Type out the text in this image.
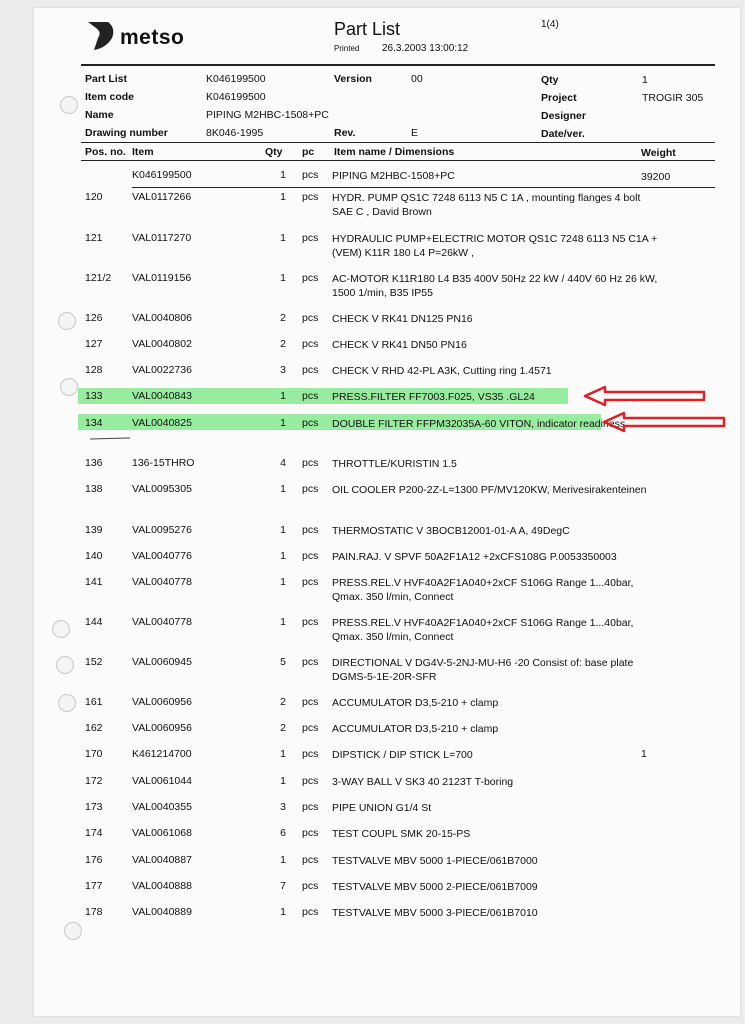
metso	Part List	1(4)
Printed 26.3.2003 13:00:12
Part List	K046199500	Version	00	Qty	1
Item code	K046199500	Project	TROGIR 305
Name	PIPING M2HBC-1508+PC	Designer
Drawing number	8K046-1995	Rev.	E	Date/ver.
Pos. no. Item	Qty pc Item name / Dimensions	Weight
K046199500	1 pcs PIPING M2HBC-1508+PC	39200
120	VAL0117266	1 pcs HYDR. PUMP QS1C 7248 6113 N5 C 1A , mounting flanges 4 bolt SAE C , David Brown
121	VAL0117270	1 pcs HYDRAULIC PUMP+ELECTRIC MOTOR QS1C 7248 6113 N5 C1A + (VEM) K11R 180 L4 P=26kW ,
121/2 VAL0119156	1 pcs AC-MOTOR K11R180 L4 B35 400V 50Hz 22 kW / 440V 60 Hz 26 kW, 1500 1/min, B35 IP55
126	VAL0040806	2 pcs CHECK V RK41 DN125 PN16
127	VAL0040802	2 pcs CHECK V RK41 DN50 PN16
128	VAL0022736	3 pcs CHECK V RHD 42-PL A3K, Cutting ring 1.4571
133	VAL0040843	1 pcs PRESS.FILTER FF7003.F025, VS35 .GL24
134	VAL0040825	1 pcs DOUBLE FILTER FFPM32035A-60 VITON, indicator readiness
136	136-15THRO	4 pcs THROTTLE/KURISTIN 1.5
138	VAL0095305	1 pcs OIL COOLER P200-2Z-L=1300 PF/MV120KW, Merivesirakenteinen
139	VAL0095276	1 pcs THERMOSTATIC V 3BOCB12001-01-A A, 49DegC
140	VAL0040776	1 pcs PAIN.RAJ. V SPVF 50A2F1A12 +2xCFS108G P.0053350003
141	VAL0040778	1 pcs PRESS.REL.V HVF40A2F1A040+2xCF S106G Range 1...40bar, Qmax. 350 l/min, Connect
144	VAL0040778	1 pcs PRESS.REL.V HVF40A2F1A040+2xCF S106G Range 1...40bar, Qmax. 350 l/min, Connect
152	VAL0060945	5 pcs DIRECTIONAL V DG4V-5-2NJ-MU-H6 -20 Consist of: base plate DGMS-5-1E-20R-SFR
161	VAL0060956	2 pcs ACCUMULATOR D3,5-210 + clamp
162	VAL0060956	2 pcs ACCUMULATOR D3,5-210 + clamp
170	K461214700	1 pcs DIPSTICK / DIP STICK L=700	1
172	VAL0061044	1 pcs 3-WAY BALL V SK3 40 2123T T-boring
173	VAL0040355	3 pcs PIPE UNION G1/4 St
174	VAL0061068	6 pcs TEST COUPL SMK 20-15-PS
176	VAL0040887	1 pcs TESTVALVE MBV 5000 1-PIECE/061B7000
177	VAL0040888	7 pcs TESTVALVE MBV 5000 2-PIECE/061B7009
178	VAL0040889	1 pcs TESTVALVE MBV 5000 3-PIECE/061B7010
